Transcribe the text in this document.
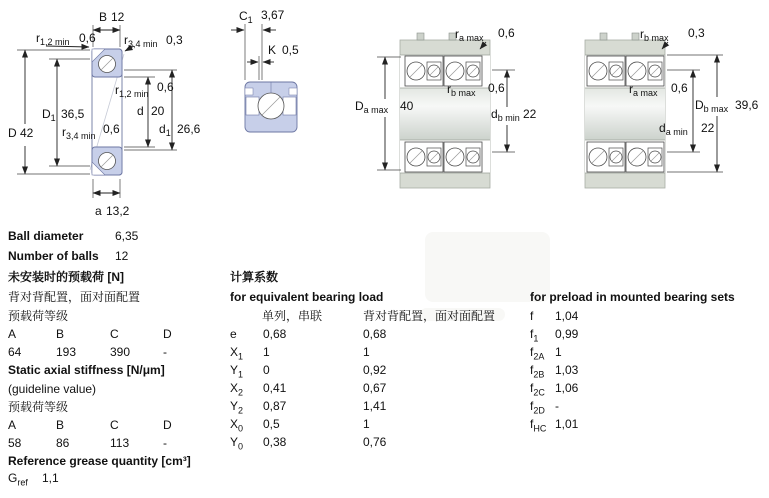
B 12
$r_{1,2 min}$ 0,6 $r_{3,4 min}$ 0,3
D 42
$D_1$ 36,5
$r_{1,2 min}$ 0,6
d 20
$r_{3,4 min}$ 0,6	$d_1$ 26,6
a 13,2
$C_1$ 3,67
K 0,5
$r_{a max}$ 0,6
$D_{a max}$ 40
$r_{b max}$ 0,6
$d_{b min}$ 22
$r_{b max}$ 0,3
$r_{a max}$ 0,6
$D_{b max}$ 39,6
$d_{a min}$ 22
Ball diameter	6,35
Number of balls 12
未安装时的预载荷 [N]
背对背配置，面对面配置
预载荷等级
A	B	C	D
64	193	390	-
Static axial stiffness [N/μm]
(guideline value)
预载荷等级
A	B	C	D
58	86	113	-
Reference grease quantity [cm³]
$G_{ref}$ 1,1
计算系数
for equivalent bearing load
单列，串联	背对背配置，面对面配置
e 0,68	0,68
$X_1$ 1	1
$Y_1$ 0	0,92
$X_2$ 0,41	0,67
$Y_2$ 0,87	1,41
$X_0$ 0,5	1
$Y_0$ 0,38	0,76
for preload in mounted bearing sets
f 1,04
$f_1$ 0,99
$f_{2A}$ 1
$f_{2B}$ 1,03
$f_{2C}$ 1,06
$f_{2D}$ -
$f_{HC}$ 1,01
